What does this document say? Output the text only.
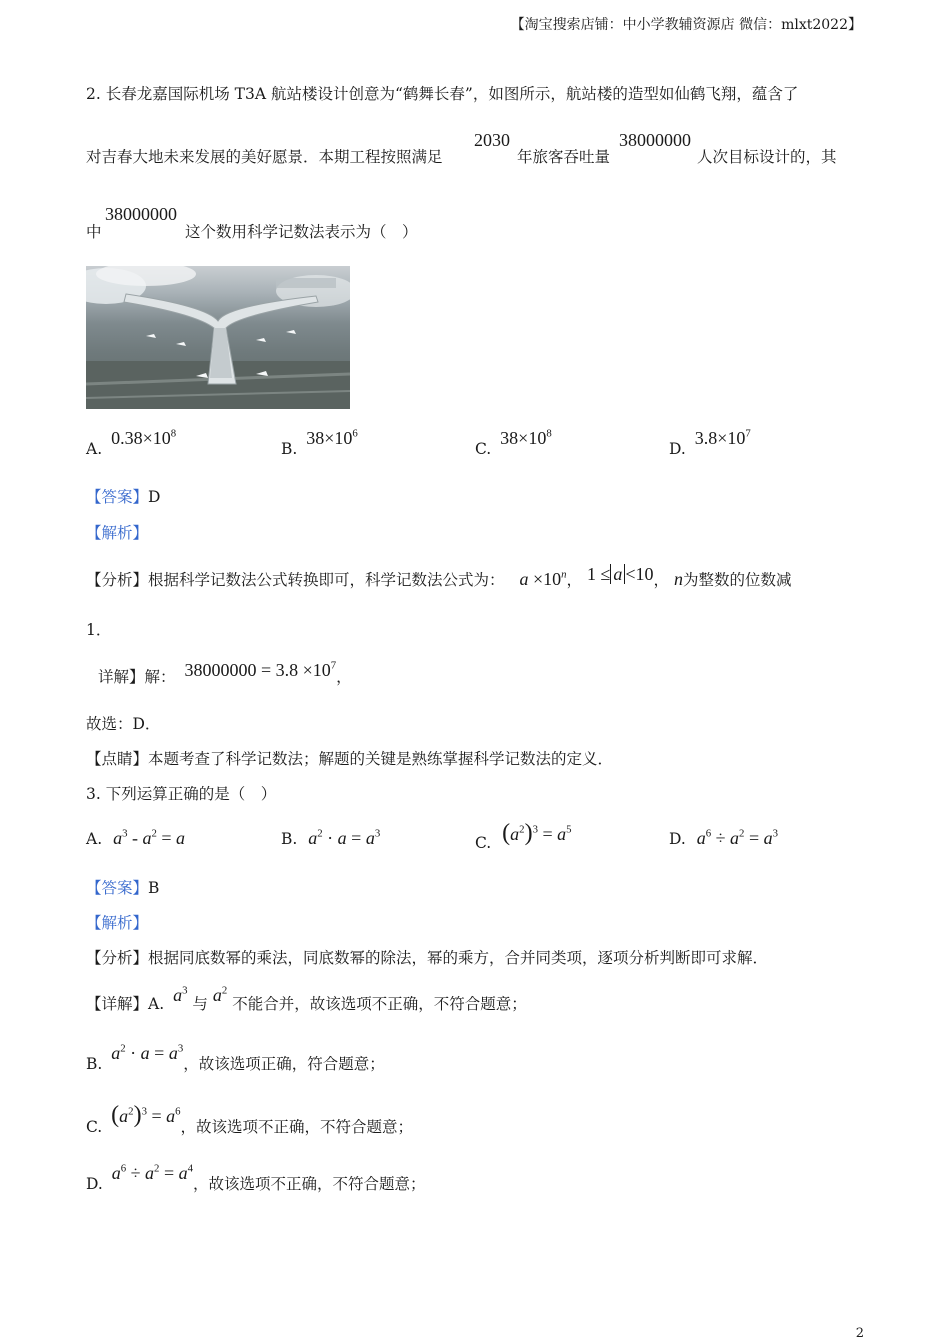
【淘宝搜索店铺：中小学教辅资源店 微信：mlxt2022】
2. 长春龙嘉国际机场 T3A 航站楼设计创意为“鹤舞长春”，如图所示，航站楼的造型如仙鹤飞翔，蕴含了
对吉春大地未来发展的美好愿景．本期工程按照满足
2030
年旅客吞吐量
38000000
人次目标设计的，其
中
38000000
这个数用科学记数法表示为（　）
A. $0.38\times 10^8$
B. $38\times 10^6$
C. $38\times 10^8$
D. $3.8\times 10^7$
【答案】D
【解析】
【分析】根据科学记数法公式转换即可，科学记数法公式为： $a \times 10^n$， 1 ≤ a <10， n为整数的位数减
1．
详解】解： $38000000 = 3.8 \times 10^7$，
故选：D．
【点睛】本题考查了科学记数法；解题的关键是熟练掌握科学记数法的定义．
3. 下列运算正确的是（　）
A. $a^3 - a^2 = a$	B. $a^2 \cdot a = a^3$
C. $(a^2)^3 = a^5$
D. $a^6 \div a^2 = a^3$
【答案】B
【解析】
【分析】根据同底数幂的乘法，同底数幂的除法，幂的乘方，合并同类项，逐项分析判断即可求解．
【详解】A. $a^3$ 与 $a^2$ 不能合并，故该选项不正确，不符合题意；
B. $a^2 \cdot a = a^3$，故该选项正确，符合题意；
C. $(a^2)^3 = a^6$，故该选项不正确，不符合题意；
D. $a^6 \div a^2 = a^4$，故该选项不正确，不符合题意；
2
